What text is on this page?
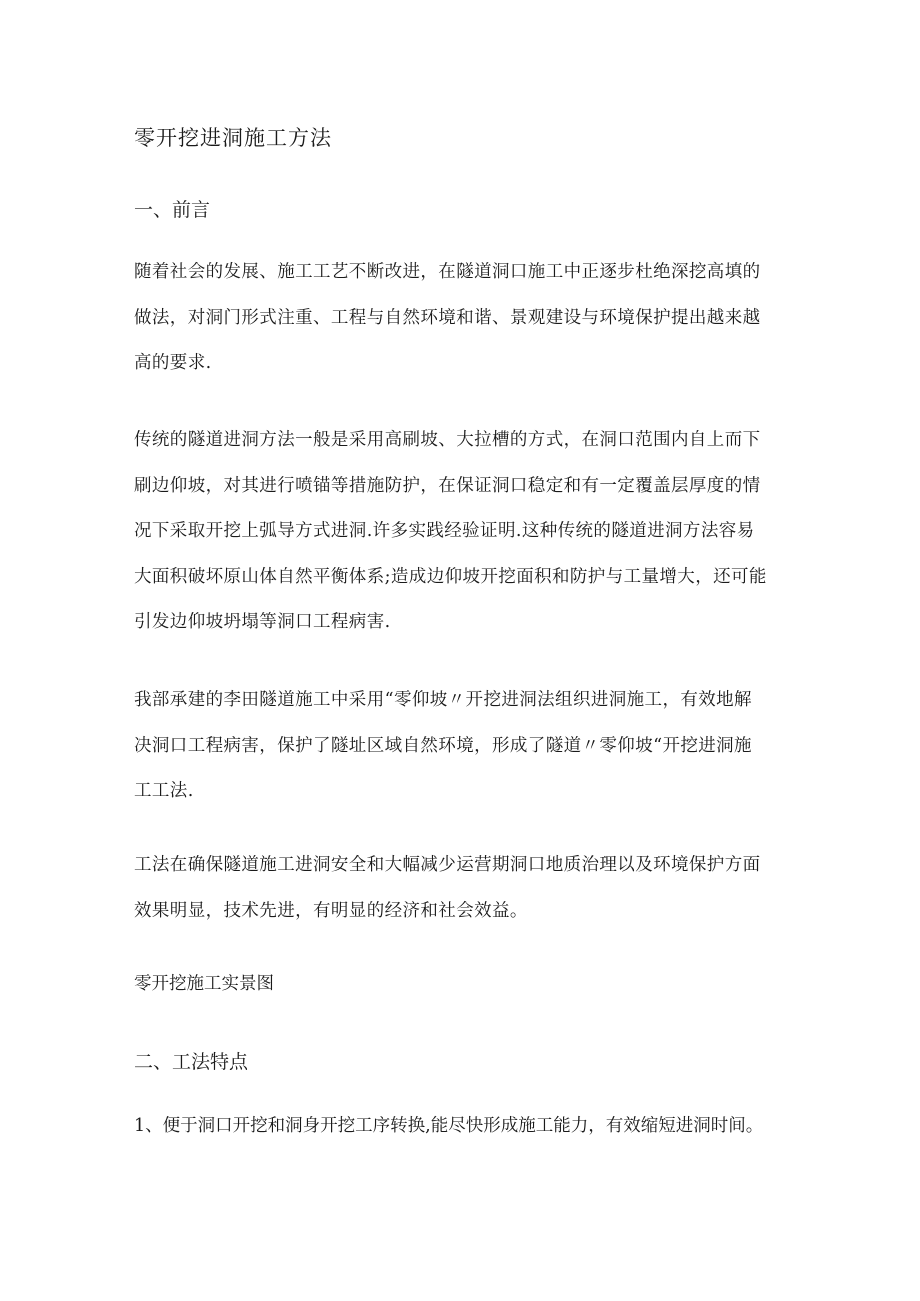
零开挖进洞施工方法
一、前言

随着社会的发展、施工工艺不断改进，在隧道洞口施工中正逐步杜绝深挖高填的
做法，对洞门形式注重、工程与自然环境和谐、景观建设与环境保护提出越来越
高的要求.

传统的隧道进洞方法一般是采用高刷坡、大拉槽的方式，在洞口范围内自上而下
刷边仰坡，对其进行喷锚等措施防护，在保证洞口稳定和有一定覆盖层厚度的情
况下采取开挖上弧导方式进洞.许多实践经验证明.这种传统的隧道进洞方法容易
大面积破坏原山体自然平衡体系;造成边仰坡开挖面积和防护与工量增大，还可能
引发边仰坡坍塌等洞口工程病害.

我部承建的李田隧道施工中采用“零仰坡〃开挖进洞法组织进洞施工，有效地解
决洞口工程病害，保护了隧址区域自然环境，形成了隧道〃零仰坡“开挖进洞施
工工法.

工法在确保隧道施工进洞安全和大幅减少运营期洞口地质治理以及环境保护方面
效果明显，技术先进，有明显的经济和社会效益。

零开挖施工实景图
二、工法特点
1、便于洞口开挖和洞身开挖工序转换,能尽快形成施工能力，有效缩短进洞时间。
